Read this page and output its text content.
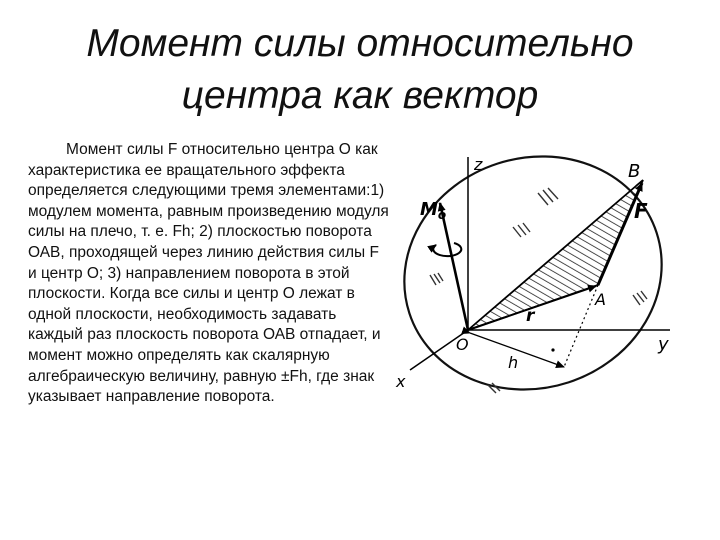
Момент силы относительно
центра как вектор

Момент силы F относительно центра О как характеристика ее вращательного эффекта определяется следующими тремя элементами:1) модулем момента, равным произведению модуля силы на плечо, т. е. Fh; 2) плоскостью поворота ОАВ, проходящей через линию действия силы F и центр О; 3) направлением поворота в этой плоскости. Когда все силы и центр О лежат в одной плоскости, необходимость задавать каждый раз плоскость поворота ОАВ отпадает, и момент можно определять как скалярную алгебраическую величину, равную ±Fh, где знак указывает направление поворота.

z
y
x
r
F
A
B
O
h
$M_o$
